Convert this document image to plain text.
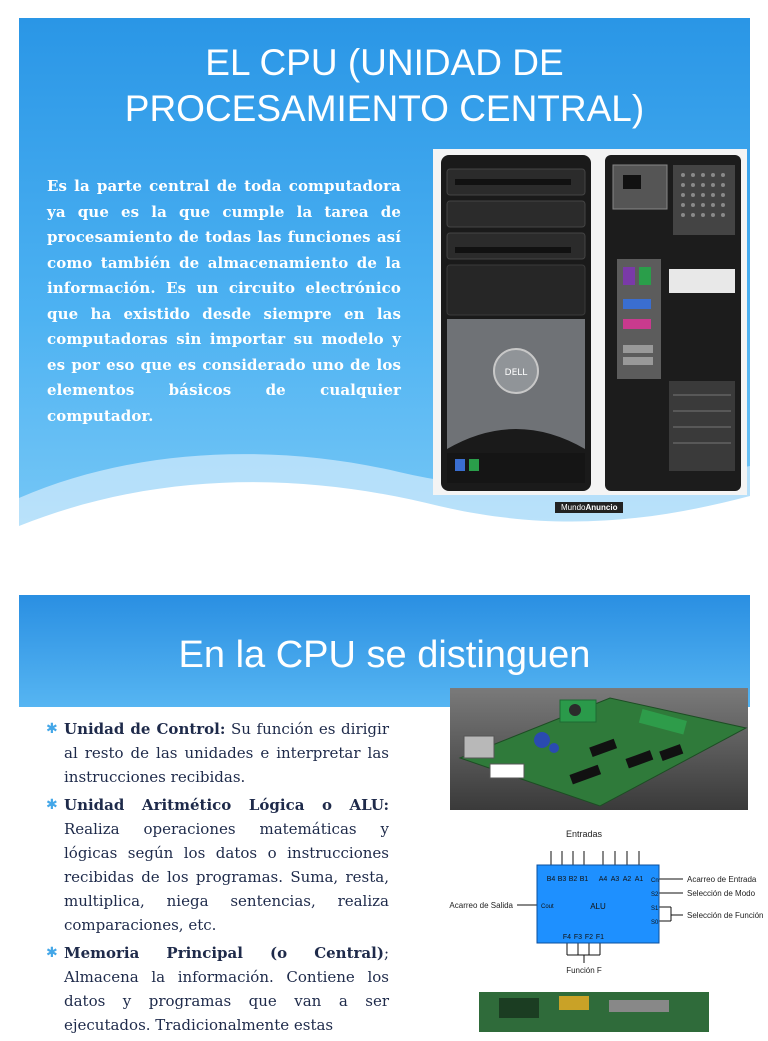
EL CPU (UNIDAD DE
PROCESAMIENTO CENTRAL)
Es la parte central de toda computadora ya que es la que cumple la tarea de procesamiento de todas las funciones así como también de almacenamiento de la información. Es un circuito electrónico que ha existido desde siempre en las computadoras sin importar su modelo y es por eso que es considerado uno de los elementos básicos de cualquier computador.
DELL
MundoAnuncio
En la CPU se distinguen
✱ Unidad de Control: Su función es dirigir al resto de las unidades e interpretar las instrucciones recibidas.
✱ Unidad Aritmético Lógica o ALU: Realiza operaciones matemáticas y lógicas según los datos o instrucciones recibidas de los programas. Suma, resta, multiplica, niega sentencias, realiza comparaciones, etc.
✱ Memoria Principal (o Central); Almacena la información. Contiene los datos y programas que van a ser ejecutados. Tradicionalmente estas
Entradas
B4 B3 B2 B1 A4 A3 A2 A1
ALU
Cout
Cn
S2
S1
S0
F4 F3 F2 F1
Acarreo de Salida
Acarreo de Entrada
Selección de Modo
Selección de Función
Función F
